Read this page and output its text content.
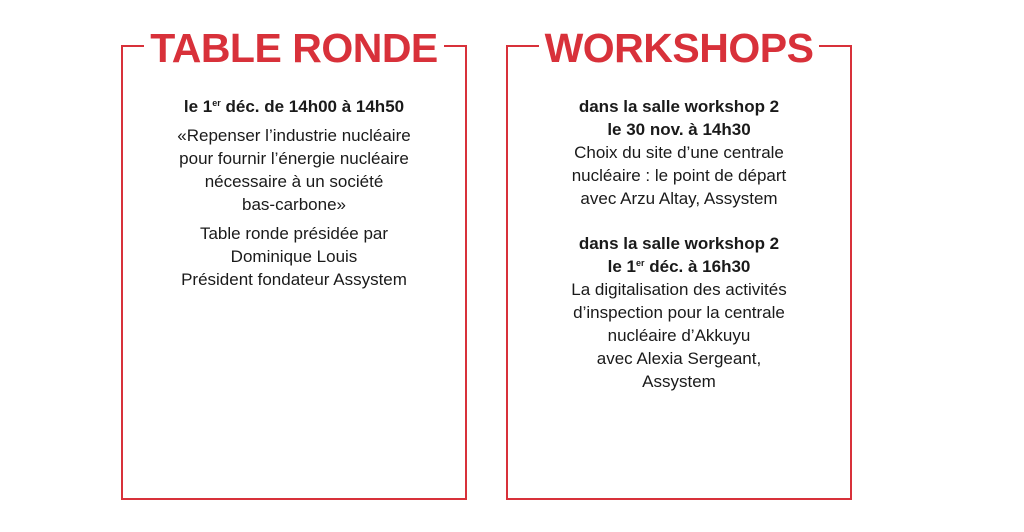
TABLE RONDE
le 1er déc. de 14h00 à 14h50
«Repenser l’industrie nucléaire
pour fournir l’énergie nucléaire
nécessaire à un société
bas-carbone»
Table ronde présidée par
Dominique Louis
Président fondateur Assystem
WORKSHOPS
dans la salle workshop 2
le 30 nov. à 14h30
Choix du site d’une centrale
nucléaire : le point de départ
avec Arzu Altay, Assystem
dans la salle workshop 2
le 1er déc. à 16h30
La digitalisation des activités
d’inspection pour la centrale
nucléaire d’Akkuyu
avec Alexia Sergeant,
Assystem
